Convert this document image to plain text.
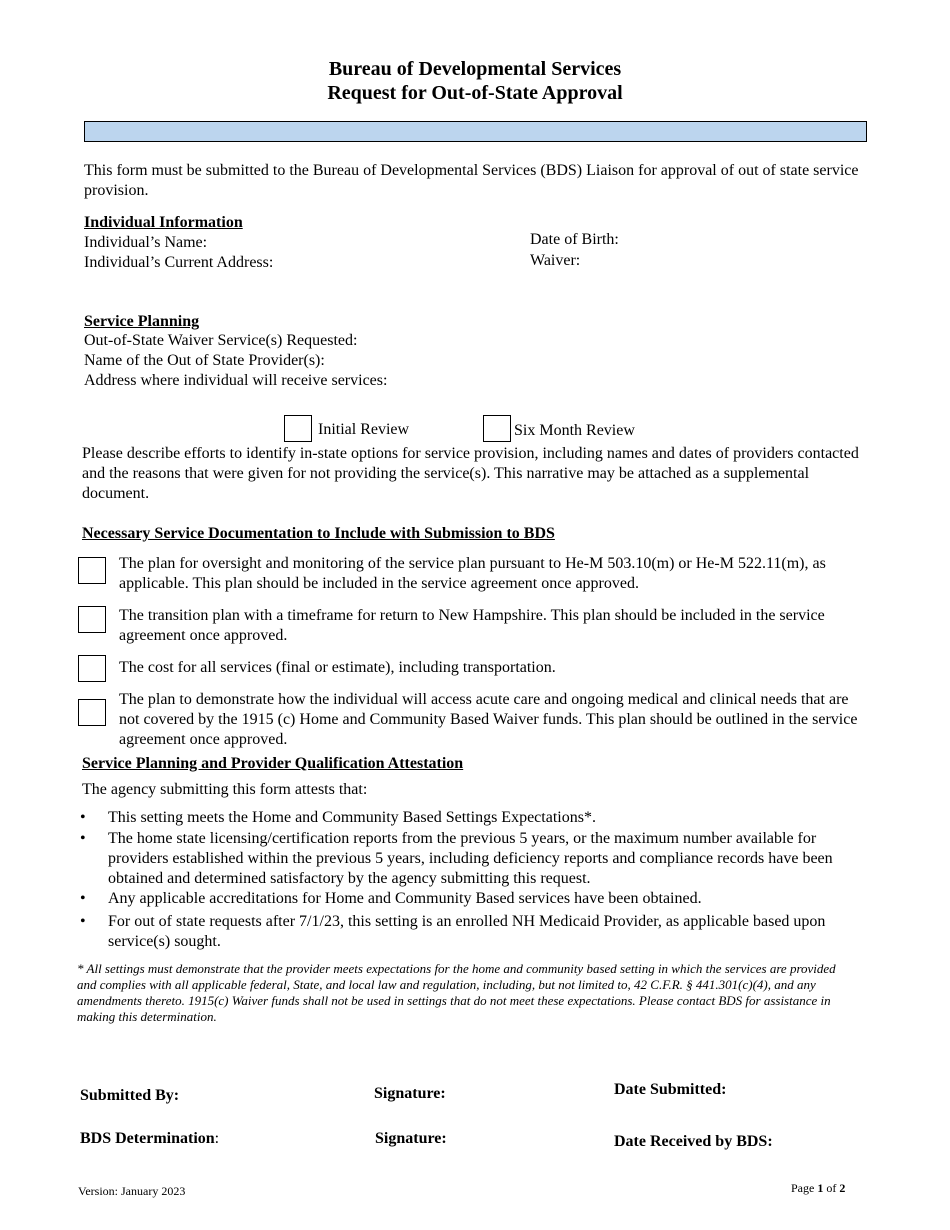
Bureau of Developmental Services
Request for Out-of-State Approval
This form must be submitted to the Bureau of Developmental Services (BDS) Liaison for approval of out of state service provision.
Individual Information
Individual’s Name:
Individual’s Current Address:
Date of Birth:
Waiver:
Service Planning
Out-of-State Waiver Service(s) Requested:
Name of the Out of State Provider(s):
Address where individual will receive services:
Initial Review	Six Month Review
Please describe efforts to identify in-state options for service provision, including names and dates of providers contacted and the reasons that were given for not providing the service(s). This narrative may be attached as a supplemental document.
Necessary Service Documentation to Include with Submission to BDS
The plan for oversight and monitoring of the service plan pursuant to He-M 503.10(m) or He-M 522.11(m), as applicable. This plan should be included in the service agreement once approved.
The transition plan with a timeframe for return to New Hampshire. This plan should be included in the service agreement once approved.
The cost for all services (final or estimate), including transportation.
The plan to demonstrate how the individual will access acute care and ongoing medical and clinical needs that are not covered by the 1915 (c) Home and Community Based Waiver funds. This plan should be outlined in the service agreement once approved.
Service Planning and Provider Qualification Attestation
The agency submitting this form attests that:
• This setting meets the Home and Community Based Settings Expectations*.
• The home state licensing/certification reports from the previous 5 years, or the maximum number available for providers established within the previous 5 years, including deficiency reports and compliance records have been obtained and determined satisfactory by the agency submitting this request.
• Any applicable accreditations for Home and Community Based services have been obtained.
• For out of state requests after 7/1/23, this setting is an enrolled NH Medicaid Provider, as applicable based upon service(s) sought.
* All settings must demonstrate that the provider meets expectations for the home and community based setting in which the services are provided and complies with all applicable federal, State, and local law and regulation, including, but not limited to, 42 C.F.R. § 441.301(c)(4), and any amendments thereto. 1915(c) Waiver funds shall not be used in settings that do not meet these expectations. Please contact BDS for assistance in making this determination.
Submitted By:	Signature:	Date Submitted:
BDS Determination:	Signature:	Date Received by BDS:
Version: January 2023	Page 1 of 2
